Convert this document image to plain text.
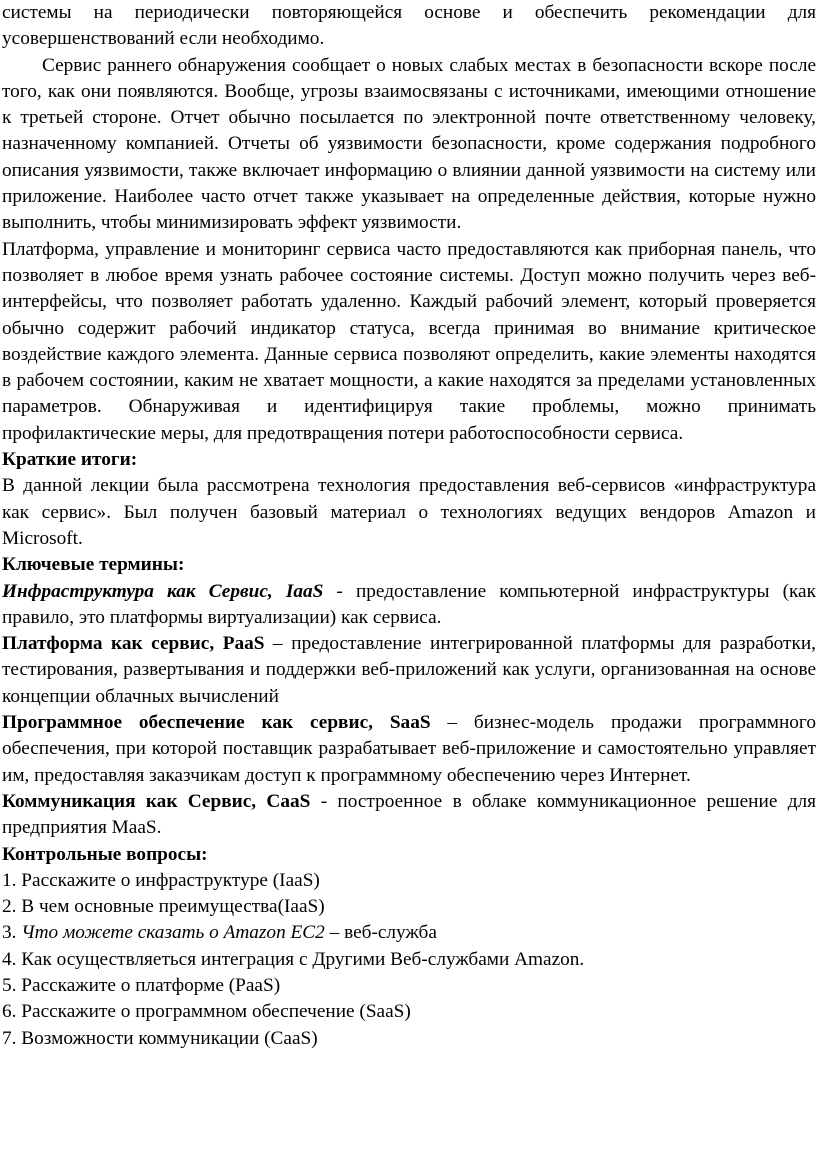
системы на периодически повторяющейся основе и обеспечить рекомендации для усовершенствований если необходимо.

Сервис раннего обнаружения сообщает о новых слабых местах в безопасности вскоре после того, как они появляются. Вообще, угрозы взаимосвязаны с источниками, имеющими отношение к третьей стороне. Отчет обычно посылается по электронной почте ответственному человеку, назначенному компанией. Отчеты об уязвимости безопасности, кроме содержания подробного описания уязвимости, также включает информацию о влиянии данной уязвимости на систему или приложение. Наиболее часто отчет также указывает на определенные действия, которые нужно выполнить, чтобы минимизировать эффект уязвимости.

Платформа, управление и мониторинг сервиса часто предоставляются как приборная панель, что позволяет в любое время узнать рабочее состояние системы. Доступ можно получить через веб-интерфейсы, что позволяет работать удаленно. Каждый рабочий элемент, который проверяется обычно содержит рабочий индикатор статуса, всегда принимая во внимание критическое воздействие каждого элемента. Данные сервиса позволяют определить, какие элементы находятся в рабочем состоянии, каким не хватает мощности, а какие находятся за пределами установленных параметров. Обнаруживая и идентифицируя такие проблемы, можно принимать профилактические меры, для предотвращения потери работоспособности сервиса.

Краткие итоги:

В данной лекции была рассмотрена технология предоставления веб-сервисов «инфраструктура как сервис». Был получен базовый материал о технологиях ведущих вендоров Amazon и Microsoft.

Ключевые термины:

Инфраструктура как Сервис, IaaS - предоставление компьютерной инфраструктуры (как правило, это платформы виртуализации) как сервиса.

Платформа как сервис, PaaS – предоставление интегрированной платформы для разработки, тестирования, развертывания и поддержки веб-приложений как услуги, организованная на основе концепции облачных вычислений

Программное обеспечение как сервис, SaaS – бизнес-модель продажи программного обеспечения, при которой поставщик разрабатывает веб-приложение и самостоятельно управляет им, предоставляя заказчикам доступ к программному обеспечению через Интернет.

Коммуникация как Сервис, CaaS - построенное в облаке коммуникационное решение для предприятия MaaS.

Контрольные вопросы:

1. Расскажите о инфраструктуре (IaaS)

2. В чем основные преимущества(IaaS)

3. Что можете сказать о Amazon EC2 – веб-служба

4. Как осуществляеться интеграция с Другими Веб-службами Amazon.

5. Расскажите о платформе (PaaS)

6. Расскажите о программном обеспечение (SaaS)

7. Возможности коммуникации (CaaS)
